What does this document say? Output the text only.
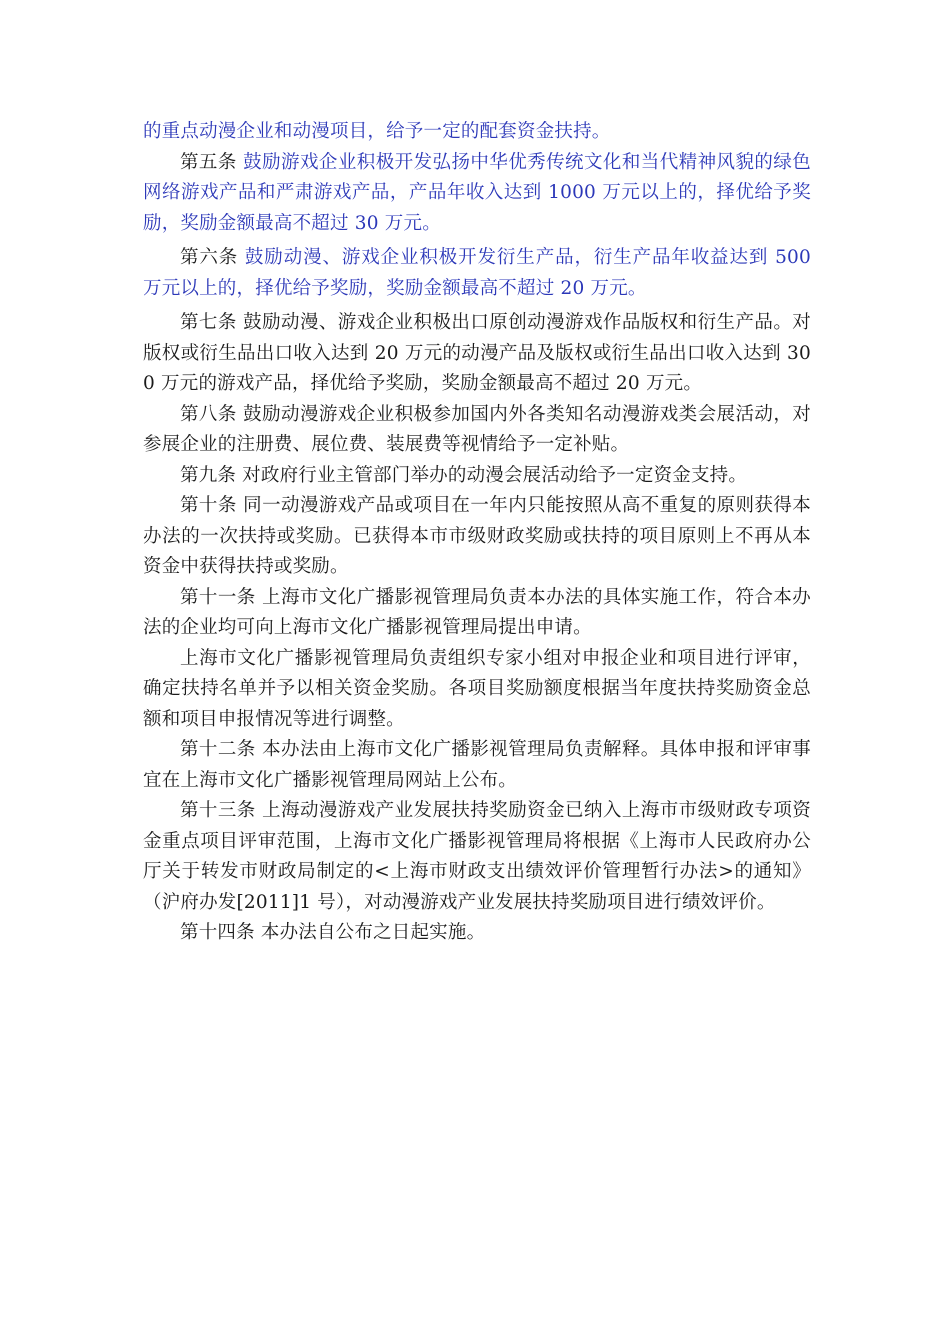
的重点动漫企业和动漫项目，给予一定的配套资金扶持。

第五条 鼓励游戏企业积极开发弘扬中华优秀传统文化和当代精神风貌的绿色网络游戏产品和严肃游戏产品，产品年收入达到 1000 万元以上的，择优给予奖励，奖励金额最高不超过 30 万元。

第六条 鼓励动漫、游戏企业积极开发衍生产品，衍生产品年收益达到 500 万元以上的，择优给予奖励，奖励金额最高不超过 20 万元。

第七条 鼓励动漫、游戏企业积极出口原创动漫游戏作品版权和衍生产品。对版权或衍生品出口收入达到 20 万元的动漫产品及版权或衍生品出口收入达到 300 万元的游戏产品，择优给予奖励，奖励金额最高不超过 20 万元。

第八条 鼓励动漫游戏企业积极参加国内外各类知名动漫游戏类会展活动，对参展企业的注册费、展位费、装展费等视情给予一定补贴。

第九条 对政府行业主管部门举办的动漫会展活动给予一定资金支持。

第十条 同一动漫游戏产品或项目在一年内只能按照从高不重复的原则获得本办法的一次扶持或奖励。已获得本市市级财政奖励或扶持的项目原则上不再从本资金中获得扶持或奖励。

第十一条 上海市文化广播影视管理局负责本办法的具体实施工作，符合本办法的企业均可向上海市文化广播影视管理局提出申请。

上海市文化广播影视管理局负责组织专家小组对申报企业和项目进行评审，确定扶持名单并予以相关资金奖励。各项目奖励额度根据当年度扶持奖励资金总额和项目申报情况等进行调整。

第十二条 本办法由上海市文化广播影视管理局负责解释。具体申报和评审事宜在上海市文化广播影视管理局网站上公布。

第十三条 上海动漫游戏产业发展扶持奖励资金已纳入上海市市级财政专项资金重点项目评审范围，上海市文化广播影视管理局将根据《上海市人民政府办公厅关于转发市财政局制定的<上海市财政支出绩效评价管理暂行办法>的通知》（沪府办发[2011]1 号），对动漫游戏产业发展扶持奖励项目进行绩效评价。

第十四条 本办法自公布之日起实施。
